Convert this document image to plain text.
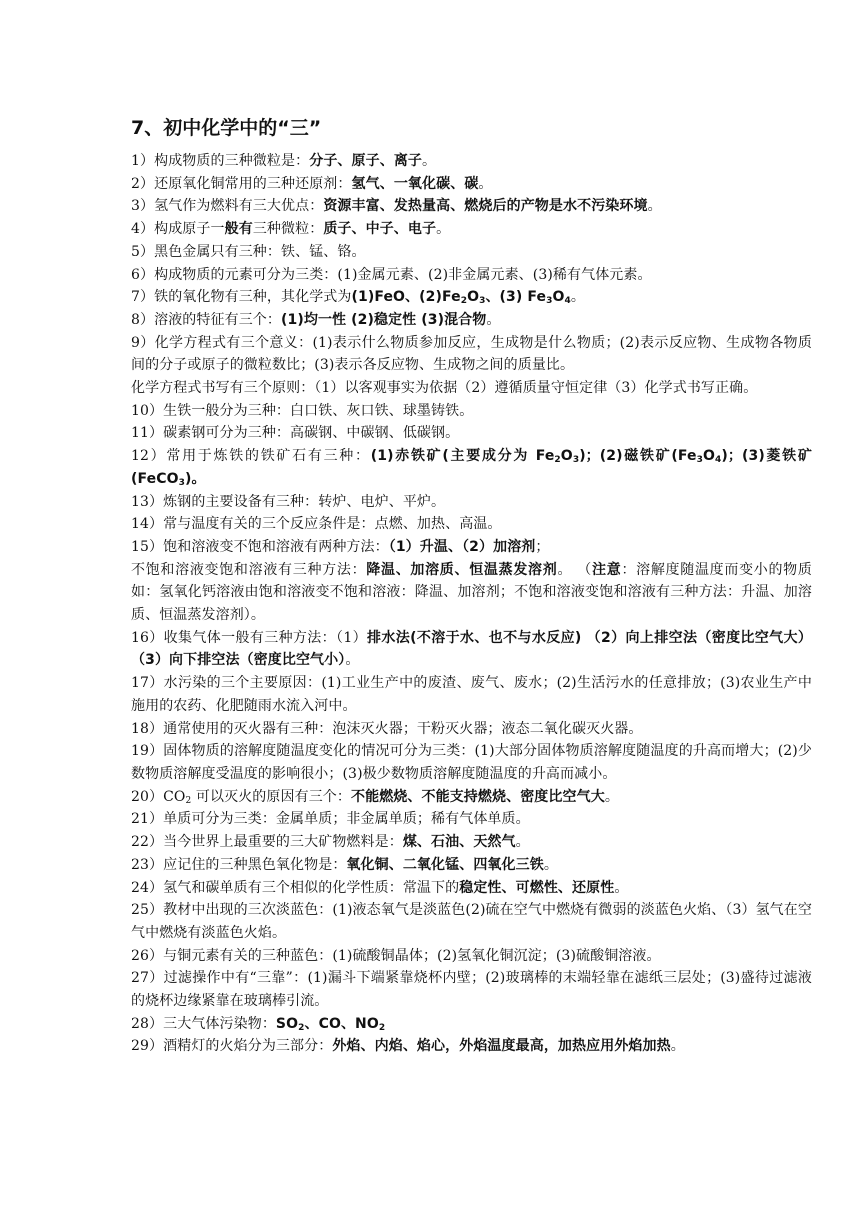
7、初中化学中的“三”

1）构成物质的三种微粒是：分子、原子、离子。

2）还原氧化铜常用的三种还原剂：氢气、一氧化碳、碳。

3）氢气作为燃料有三大优点：资源丰富、发热量高、燃烧后的产物是水不污染环境。

4）构成原子一般有三种微粒：质子、中子、电子。

5）黑色金属只有三种：铁、锰、铬。

6）构成物质的元素可分为三类：(1)金属元素、(2)非金属元素、(3)稀有气体元素。

7）铁的氧化物有三种，其化学式为(1)FeO、$(2)Fe_2O_3$、(3) $Fe_3O_4$。

8）溶液的特征有三个：(1)均一性 (2)稳定性 (3)混合物。

9）化学方程式有三个意义：(1)表示什么物质参加反应，生成物是什么物质；(2)表示反应物、生成物各物质间的分子或原子的微粒数比；(3)表示各反应物、生成物之间的质量比。

化学方程式书写有三个原则：（1）以客观事实为依据（2）遵循质量守恒定律（3）化学式书写正确。

10）生铁一般分为三种：白口铁、灰口铁、球墨铸铁。

11）碳素钢可分为三种：高碳钢、中碳钢、低碳钢。

12）常用于炼铁的铁矿石有三种：(1)赤铁矿(主要成分为 $Fe_2O_3$)；(2)磁铁矿$(Fe_3O_4)$；(3)菱铁矿(FeCO$_3$)。

13）炼钢的主要设备有三种：转炉、电炉、平炉。

14）常与温度有关的三个反应条件是：点燃、加热、高温。

15）饱和溶液变不饱和溶液有两种方法：（1）升温、（2）加溶剂；

不饱和溶液变饱和溶液有三种方法：降温、加溶质、恒温蒸发溶剂。 （注意：溶解度随温度而变小的物质如：氢氧化钙溶液由饱和溶液变不饱和溶液：降温、加溶剂；不饱和溶液变饱和溶液有三种方法：升温、加溶质、恒温蒸发溶剂）。

16）收集气体一般有三种方法：（1）排水法(不溶于水、也不与水反应) （2）向上排空法（密度比空气大） （3）向下排空法（密度比空气小）。

17）水污染的三个主要原因：(1)工业生产中的废渣、废气、废水；(2)生活污水的任意排放；(3)农业生产中施用的农药、化肥随雨水流入河中。

18）通常使用的灭火器有三种：泡沫灭火器；干粉灭火器；液态二氧化碳灭火器。

19）固体物质的溶解度随温度变化的情况可分为三类：(1)大部分固体物质溶解度随温度的升高而增大；(2)少数物质溶解度受温度的影响很小；(3)极少数物质溶解度随温度的升高而减小。

$20)CO_2$ 可以灭火的原因有三个：不能燃烧、不能支持燃烧、密度比空气大。

21）单质可分为三类：金属单质；非金属单质；稀有气体单质。

22）当今世界上最重要的三大矿物燃料是：煤、石油、天然气。

23）应记住的三种黑色氧化物是：氧化铜、二氧化锰、四氧化三铁。

24）氢气和碳单质有三个相似的化学性质：常温下的稳定性、可燃性、还原性。

25）教材中出现的三次淡蓝色：(1)液态氧气是淡蓝色(2)硫在空气中燃烧有微弱的淡蓝色火焰、（3）氢气在空气中燃烧有淡蓝色火焰。

26）与铜元素有关的三种蓝色：(1)硫酸铜晶体；(2)氢氧化铜沉淀；(3)硫酸铜溶液。

27）过滤操作中有“三靠”：(1)漏斗下端紧靠烧杯内壁；(2)玻璃棒的末端轻靠在滤纸三层处；(3)盛待过滤液的烧杯边缘紧靠在玻璃棒引流。

28）三大气体污染物：$SO_2$、CO、$NO_2$

29）酒精灯的火焰分为三部分：外焰、内焰、焰心，外焰温度最高，加热应用外焰加热。
